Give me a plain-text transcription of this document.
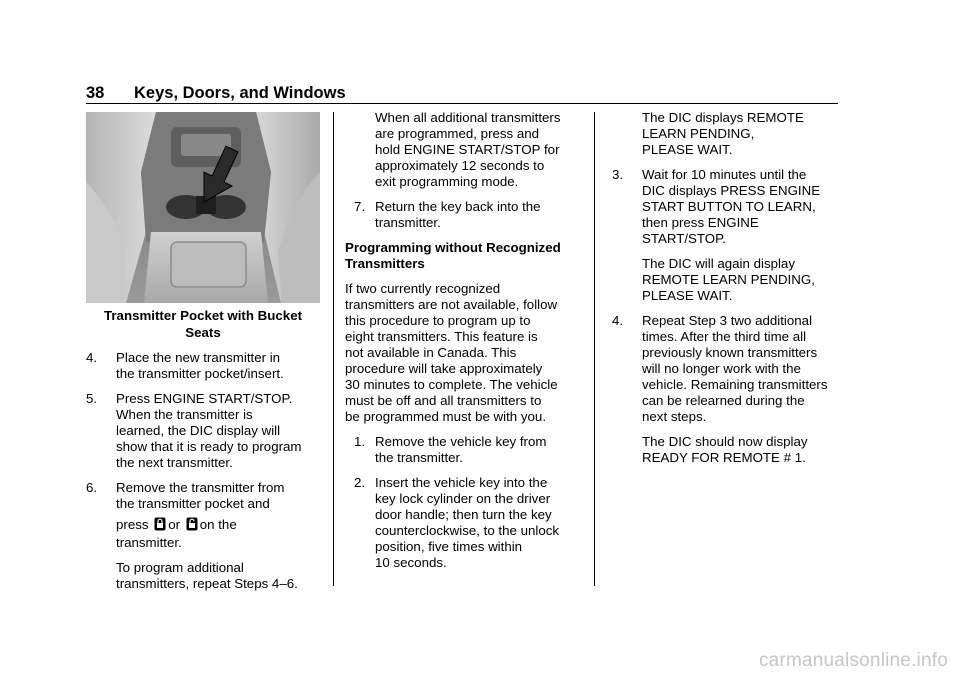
38 Keys, Doors, and Windows
Transmitter Pocket with Bucket
Seats
4. Place the new transmitter in
the transmitter pocket/insert.
5. Press ENGINE START/STOP.
When the transmitter is
learned, the DIC display will
show that it is ready to program
the next transmitter.
6. Remove the transmitter from
the transmitter pocket and
press or on the
transmitter.
To program additional
transmitters, repeat Steps 4–6.
When all additional transmitters
are programmed, press and
hold ENGINE START/STOP for
approximately 12 seconds to
exit programming mode.
7. Return the key back into the
transmitter.
Programming without Recognized
Transmitters
If two currently recognized
transmitters are not available, follow
this procedure to program up to
eight transmitters. This feature is
not available in Canada. This
procedure will take approximately
30 minutes to complete. The vehicle
must be off and all transmitters to
be programmed must be with you.
1. Remove the vehicle key from
the transmitter.
2. Insert the vehicle key into the
key lock cylinder on the driver
door handle; then turn the key
counterclockwise, to the unlock
position, five times within
10 seconds.
The DIC displays REMOTE
LEARN PENDING,
PLEASE WAIT.
3. Wait for 10 minutes until the
DIC displays PRESS ENGINE
START BUTTON TO LEARN,
then press ENGINE
START/STOP.
The DIC will again display
REMOTE LEARN PENDING,
PLEASE WAIT.
4. Repeat Step 3 two additional
times. After the third time all
previously known transmitters
will no longer work with the
vehicle. Remaining transmitters
can be relearned during the
next steps.
The DIC should now display
READY FOR REMOTE # 1.
carmanualsonline.info
